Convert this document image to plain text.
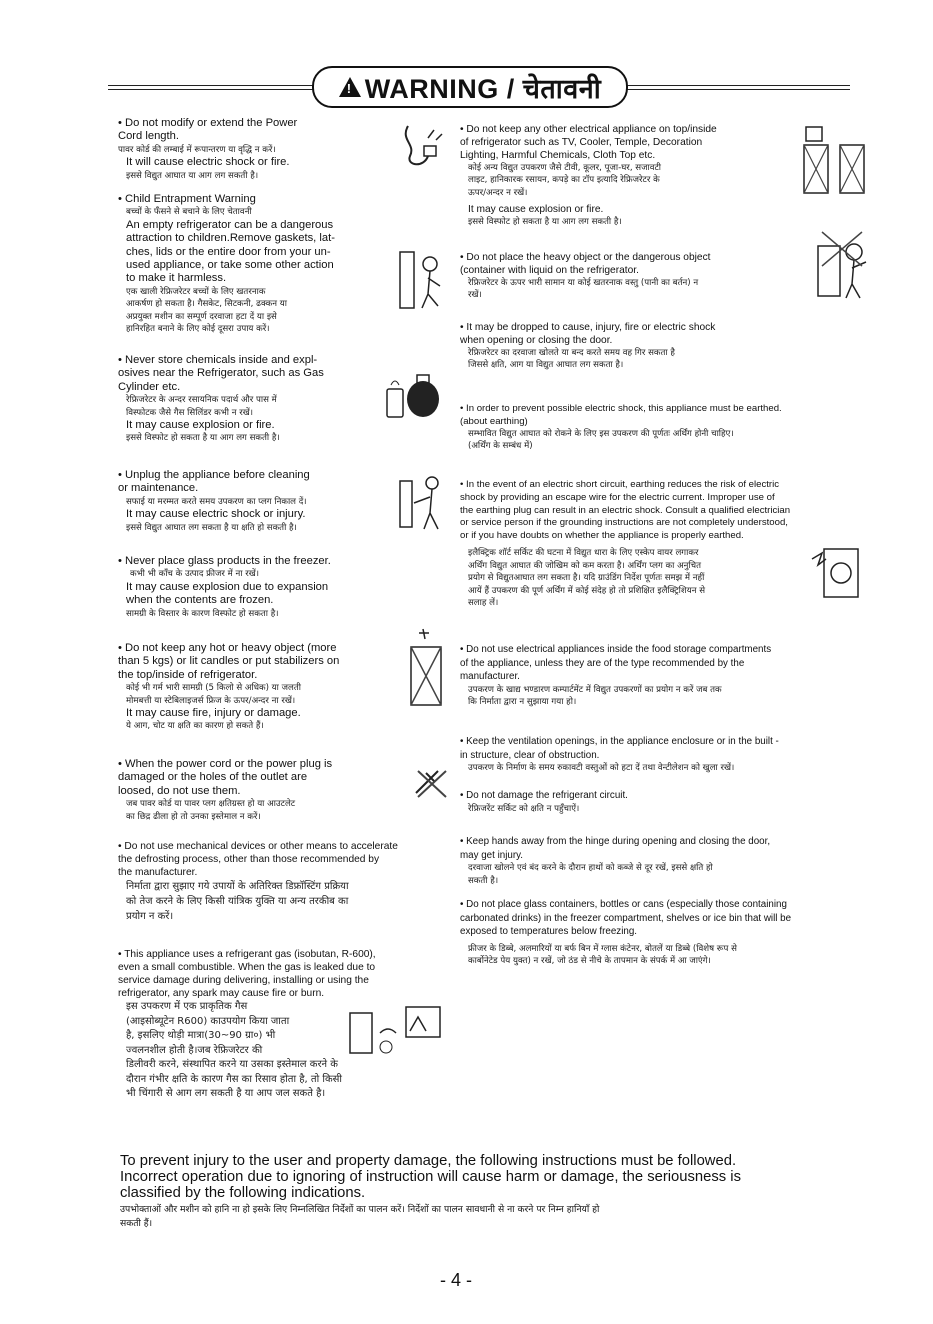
!
WARNING / चेतावनी
• Do not modify or extend the Power
Cord length.
पावर कोर्ड की लम्बाई में रूपान्तरण या वृद्धि न करें।
It will cause electric shock or fire.
इससे विद्युत आघात या आग लग सकती है।
• Child Entrapment Warning
बच्चों के फँसने से बचाने के लिए चेतावनी
An empty refrigerator can be a dangerous
attraction to children.Remove gaskets, lat-
ches, lids or the entire door from your un-
used appliance, or take some other action
to make it harmless.
एक खाली रेफ्रिजरेटर बच्चों के लिए खतरनाक
आकर्षण हो सकता है। गैसकेट, सिटकनी, ढक्कन या
अप्रयुक्त मशीन का सम्पूर्ण दरवाजा हटा दें या इसे
हानिरहित बनाने के लिए कोई दूसरा उपाय करें।
• Never store chemicals inside and expl-
osives near the Refrigerator, such as Gas
Cylinder etc.
रेफ्रिजरेटर के अन्दर रसायनिक पदार्थ और पास में
विस्फोटक जैसे गैस सिलिंडर कभी न रखें।
It may cause explosion or fire.
इससे विस्फोट हो सकता है या आग लग सकती है।
• Unplug the appliance before cleaning
or maintenance.
सफाई या मरम्मत करते समय उपकरण का प्लग निकाल दें।
It may cause electric shock or injury.
इससे विद्युत आघात लग सकता है या क्षति हो सकती है।
• Never place glass products in the freezer.
कभी भी काँच के उत्पाद फ्रीजर में ना रखें।
It may cause explosion due to expansion
when the contents are frozen.
सामग्री के विस्तार के कारण विस्फोट हो सकता है।
• Do not keep any hot or heavy object (more
than 5 kgs) or lit candles or put stabilizers on
the top/inside of refrigerator.
कोई भी गर्म भारी सामग्री (5 किलो से अधिक) या जलती
मोमबत्ती या स्टेबिलाइजर्स फ्रिज के ऊपर/अन्दर ना रखें।
It may cause fire, injury or damage.
ये आग, चोट या क्षति का कारण हो सकते हैं।
• When the power cord or the power plug is
damaged or the holes of the outlet are
loosed, do not use them.
जब पावर कोर्ड या पावर प्लग क्षतिग्रस्त हो या आउटलेट
का छिद्र ढीला हो तो उनका इस्तेमाल न करें।
• Do not use mechanical devices or other means to accelerate
the defrosting process, other than those recommended by
the manufacturer.
निर्माता द्वारा सुझाए गये उपायों के अतिरिक्त डिफ्रॉस्टिंग प्रक्रिया
को तेज करने के लिए किसी यांत्रिक युक्ति या अन्य तरकीब का
प्रयोग न करें।
• This appliance uses a refrigerant gas (isobutan, R-600),
even a small combustible. When the gas is leaked due to
service damage during delivering, installing or using the
refrigerator, any spark may cause fire or burn.
इस उपकरण में एक प्राकृतिक गैस
(आइसोब्यूटेन R600) काउपयोग किया जाता
है, इसलिए थोड़ी मात्रा(30~90 ग्रा०) भी
ज्वलनशील होती है।जब रेफ्रिजरेटर की
डिलीवरी करने, संस्थापित करने या उसका इस्तेमाल करने के
दौरान गंभीर क्षति के कारण गैस का रिसाव होता है, तो किसी
भी चिंगारी से आग लग सकती है या आप जल सकते है।
• Do not keep any other electrical appliance on top/inside
of refrigerator such as TV, Cooler, Temple, Decoration
Lighting, Harmful Chemicals, Cloth Top etc.
कोई अन्य विद्युत उपकरण जैसे टीवी, कूलर, पूजा-घर, सजावटी
लाइट, हानिकारक रसायन, कपड़े का टॉप इत्यादि रेफ्रिजरेटर के
ऊपर/अन्दर न रखें।
It may cause explosion or fire.
इससे विस्फोट हो सकता है या आग लग सकती है।
• Do not place the heavy object or the dangerous object
(container with liquid on the refrigerator.
रेफ्रिजरेटर के ऊपर भारी सामान या कोई खतरनाक वस्तु (पानी का बर्तन) न
रखें।
• It may be dropped to cause, injury, fire or electric shock
when opening or closing the door.
रेफ्रिजरेटर का दरवाजा खोलते या बन्द करते समय वह गिर सकता है
जिससे क्षति, आग या विद्युत आघात लग सकता है।
• In order to prevent possible electric shock, this appliance must be earthed.
(about earthing)
सम्भावित विद्युत आघात को रोकने के लिए इस उपकरण की पूर्णतः अर्थिंग होनी चाहिए।
(अर्थिंग के सम्बंध में)
• In the event of an electric short circuit, earthing reduces the risk of electric
shock by providing an escape wire for the electric current. Improper use of
the earthing plug can result in an electric shock. Consult a qualified electrician
or service person if the grounding instructions are not completely understood,
or if you have doubts on whether the appliance is properly earthed.
इलैक्ट्रिक शॉर्ट सर्किट की घटना में विद्युत धारा के लिए एस्केप वायर लगाकर
अर्थिंग विद्युत आघात की जोखिम को कम करता है। अर्थिंग प्लग का अनुचित
प्रयोग से विद्युतआघात लग सकता है। यदि ग्राउंडिंग निर्देश पूर्णतः समझ में नहीं
आयें हैं उपकरण की पूर्ण अर्थिंग में कोई संदेह हो तो प्रशिक्षित इलैक्ट्रिशियन से
सलाह लें।
• Do not use electrical appliances inside the food storage compartments
of the appliance, unless they are of the type recommended by the
manufacturer.
उपकरण के खाद्य भण्डारण कम्पार्टमेंट में विद्युत उपकरणों का प्रयोग न करें जब तक
कि निर्माता द्वारा न सुझाया गया हो।
• Keep the ventilation openings, in the appliance enclosure or in the built -
in structure, clear of obstruction.
उपकरण के निर्माण के समय रुकावटी वस्तुओं को हटा दें तथा वेन्टीलेशन को खुला रखें।
• Do not damage the refrigerant circuit.
रेफ्रिजरेंट सर्किट को क्षति न पहुँचाऐं।
• Keep hands away from the hinge during opening and closing the door,
may get injury.
दरवाजा खोलने एवं बंद करने के दौरान हाथों को कब्जे से दूर रखें, इससे क्षति हो
सकती है।
• Do not place glass containers, bottles or cans (especially those containing
carbonated drinks) in the freezer compartment, shelves or ice bin that will be
exposed to temperatures below freezing.
फ्रीजर के डिब्बे, अलमारियों या बर्फ बिन में ग्लास कंटेनर, बोतलें या डिब्बे (विशेष रूप से
कार्बोनेटेड पेय युक्त) न रखें, जो ठंड से नीचे के तापमान के संपर्क में आ जाएंगे।
To prevent injury to the user and property damage, the following instructions must be followed.
Incorrect operation due to ignoring of instruction will cause harm or damage, the seriousness is
classified by the following indications.
उपभोक्ताओं और मशीन को हानि ना हो इसके लिए निम्नलिखित निर्देशों का पालन करें। निर्देशों का पालन सावधानी से ना करने पर निम्न हानियाँ हो
सकती हैं।
- 4 -
